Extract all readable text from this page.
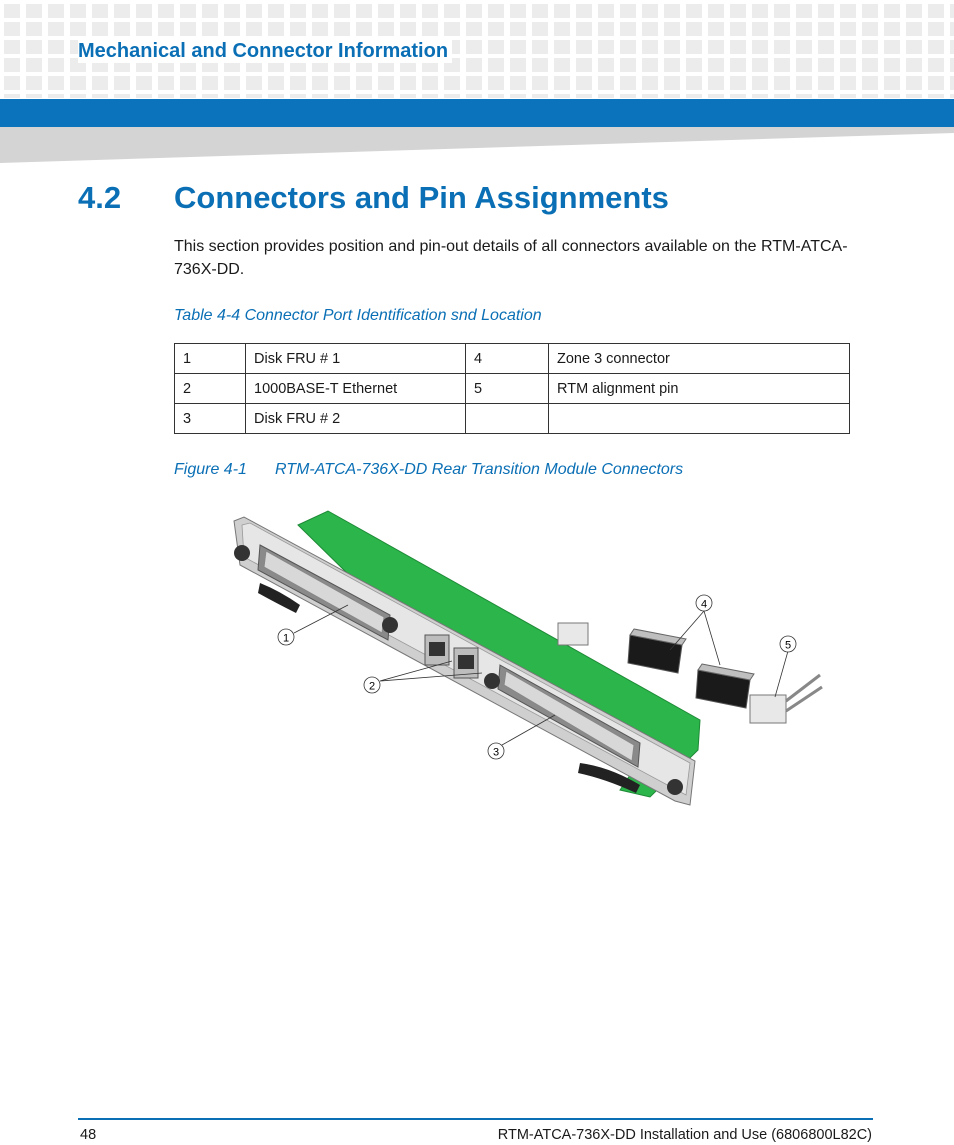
Mechanical and Connector Information
4.2 Connectors and Pin Assignments
This section provides position and pin-out details of all connectors available on the RTM-ATCA-736X-DD.
Table 4-4 Connector Port Identification snd Location
1	Disk FRU # 1	4	Zone 3 connector
2	1000BASE-T Ethernet	5	RTM alignment pin
3	Disk FRU # 2		
Figure 4-1 RTM-ATCA-736X-DD Rear Transition Module Connectors
1
2
3
4
5
48	RTM-ATCA-736X-DD Installation and Use (6806800L82C)
